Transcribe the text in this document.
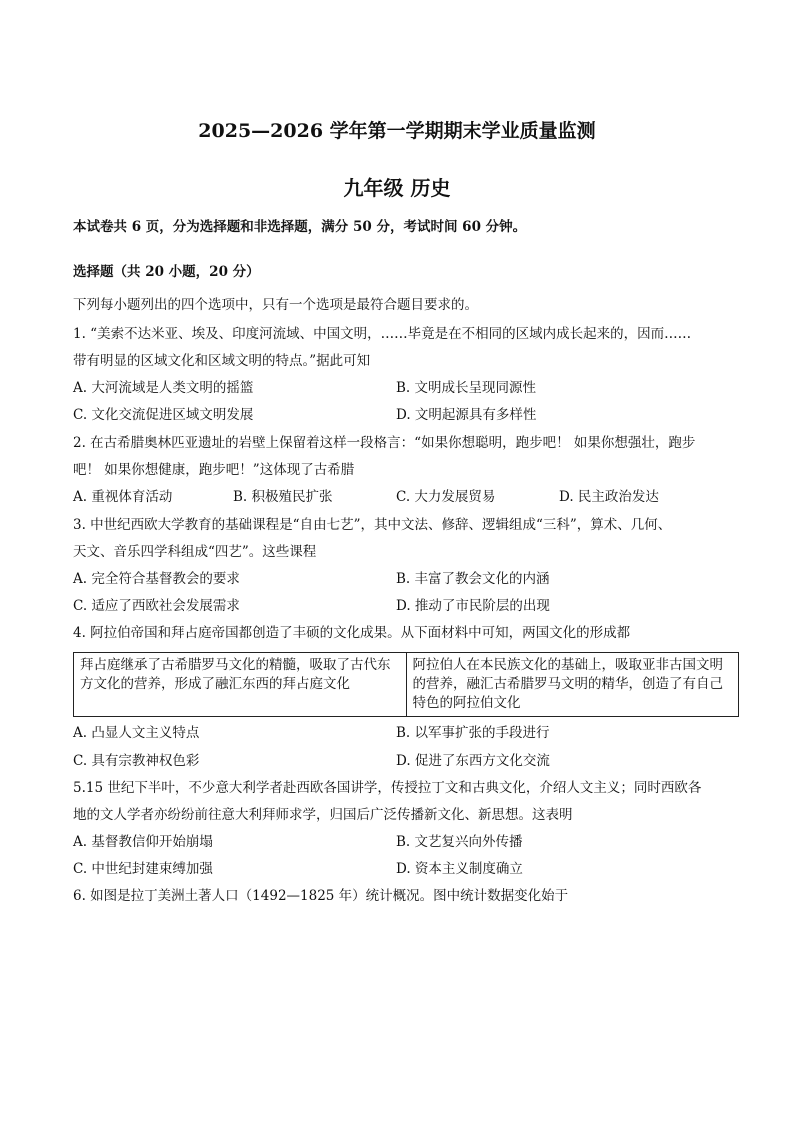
2025—2026 学年第一学期期末学业质量监测
九年级 历史
本试卷共 6 页，分为选择题和非选择题，满分 50 分，考试时间 60 分钟。
选择题（共 20 小题，20 分）
下列每小题列出的四个选项中，只有一个选项是最符合题目要求的。
1. “美索不达米亚、埃及、印度河流域、中国文明，……毕竟是在不相同的区域内成长起来的，因而……
带有明显的区域文化和区域文明的特点。”据此可知
A. 大河流域是人类文明的摇篮	B. 文明成长呈现同源性
C. 文化交流促进区域文明发展	D. 文明起源具有多样性
2. 在古希腊奥林匹亚遗址的岩壁上保留着这样一段格言：“如果你想聪明，跑步吧！ 如果你想强壮，跑步
吧！ 如果你想健康，跑步吧！”这体现了古希腊
A. 重视体育活动	B. 积极殖民扩张	C. 大力发展贸易	D. 民主政治发达
3. 中世纪西欧大学教育的基础课程是“自由七艺”，其中文法、修辞、逻辑组成“三科”，算术、几何、
天文、音乐四学科组成“四艺”。这些课程
A. 完全符合基督教会的要求	B. 丰富了教会文化的内涵
C. 适应了西欧社会发展需求	D. 推动了市民阶层的出现
4. 阿拉伯帝国和拜占庭帝国都创造了丰硕的文化成果。从下面材料中可知，两国文化的形成都
拜占庭继承了古希腊罗马文化的精髓，吸取了古代东方文化的营养，形成了融汇东西的拜占庭文化	阿拉伯人在本民族文化的基础上，吸取亚非古国文明的营养，融汇古希腊罗马文明的精华，创造了有自己特色的阿拉伯文化
A. 凸显人文主义特点	B. 以军事扩张的手段进行
C. 具有宗教神权色彩	D. 促进了东西方文化交流
5.15 世纪下半叶，不少意大利学者赴西欧各国讲学，传授拉丁文和古典文化，介绍人文主义；同时西欧各
地的文人学者亦纷纷前往意大利拜师求学，归国后广泛传播新文化、新思想。这表明
A. 基督教信仰开始崩塌	B. 文艺复兴向外传播
C. 中世纪封建束缚加强	D. 资本主义制度确立
6. 如图是拉丁美洲土著人口（1492—1825 年）统计概况。图中统计数据变化始于
